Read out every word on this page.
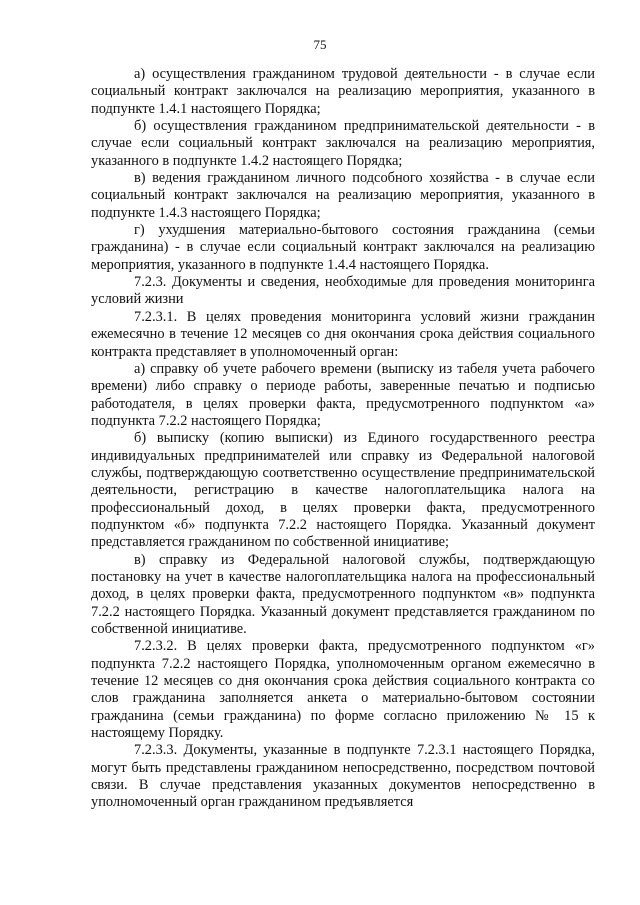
75

а) осуществления гражданином трудовой деятельности - в случае если социальный контракт заключался на реализацию мероприятия, указанного в подпункте 1.4.1 настоящего Порядка;

б) осуществления гражданином предпринимательской деятельности - в случае если социальный контракт заключался на реализацию мероприятия, указанного в подпункте 1.4.2 настоящего Порядка;

в) ведения гражданином личного подсобного хозяйства - в случае если социальный контракт заключался на реализацию мероприятия, указанного в подпункте 1.4.3 настоящего Порядка;

г) ухудшения материально-бытового состояния гражданина (семьи гражданина) - в случае если социальный контракт заключался на реализацию мероприятия, указанного в подпункте 1.4.4 настоящего Порядка.

7.2.3. Документы и сведения, необходимые для проведения мониторинга условий жизни

7.2.3.1. В целях проведения мониторинга условий жизни гражданин ежемесячно в течение 12 месяцев со дня окончания срока действия социального контракта представляет в уполномоченный орган:

а) справку об учете рабочего времени (выписку из табеля учета рабочего времени) либо справку о периоде работы, заверенные печатью и подписью работодателя, в целях проверки факта, предусмотренного подпунктом «а» подпункта 7.2.2 настоящего Порядка;

б) выписку (копию выписки) из Единого государственного реестра индивидуальных предпринимателей или справку из Федеральной налоговой службы, подтверждающую соответственно осуществление предпринимательской деятельности, регистрацию в качестве налогоплательщика налога на профессиональный доход, в целях проверки факта, предусмотренного подпунктом «б» подпункта 7.2.2 настоящего Порядка. Указанный документ представляется гражданином по собственной инициативе;

в) справку из Федеральной налоговой службы, подтверждающую постановку на учет в качестве налогоплательщика налога на профессиональный доход, в целях проверки факта, предусмотренного подпунктом «в» подпункта 7.2.2 настоящего Порядка. Указанный документ представляется гражданином по собственной инициативе.

7.2.3.2. В целях проверки факта, предусмотренного подпунктом «г» подпункта 7.2.2 настоящего Порядка, уполномоченным органом ежемесячно в течение 12 месяцев со дня окончания срока действия социального контракта со слов гражданина заполняется анкета о материально-бытовом состоянии гражданина (семьи гражданина) по форме согласно приложению № 15 к настоящему Порядку.

7.2.3.3. Документы, указанные в подпункте 7.2.3.1 настоящего Порядка, могут быть представлены гражданином непосредственно, посредством почтовой связи. В случае представления указанных документов непосредственно в уполномоченный орган гражданином предъявляется
